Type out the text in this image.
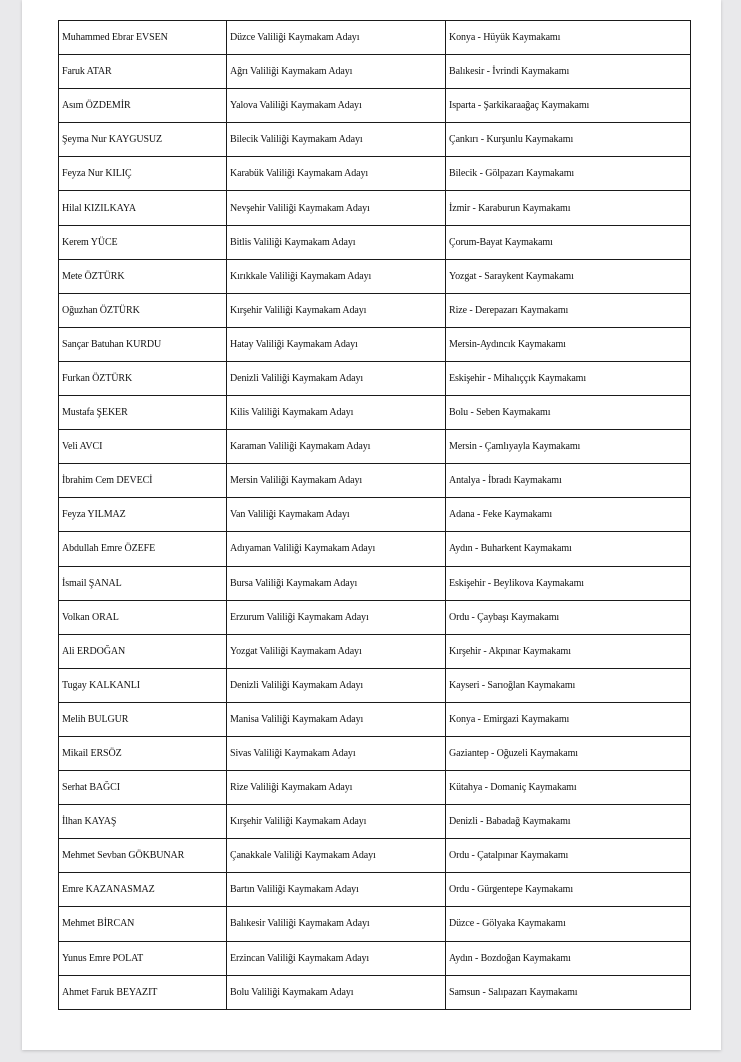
Muhammed Ebrar EVSEN	Düzce Valiliği Kaymakam Adayı	Konya - Hüyük Kaymakamı
Faruk ATAR	Ağrı Valiliği Kaymakam Adayı	Balıkesir - İvrindi Kaymakamı
Asım ÖZDEMİR	Yalova Valiliği Kaymakam Adayı	Isparta - Şarkikaraağaç Kaymakamı
Şeyma Nur KAYGUSUZ	Bilecik Valiliği Kaymakam Adayı	Çankırı - Kurşunlu Kaymakamı
Feyza Nur KILIÇ	Karabük Valiliği Kaymakam Adayı	Bilecik - Gölpazarı Kaymakamı
Hilal KIZILKAYA	Nevşehir Valiliği Kaymakam Adayı	İzmir - Karaburun Kaymakamı
Kerem YÜCE	Bitlis Valiliği Kaymakam Adayı	Çorum-Bayat Kaymakamı
Mete ÖZTÜRK	Kırıkkale Valiliği Kaymakam Adayı	Yozgat - Saraykent Kaymakamı
Oğuzhan ÖZTÜRK	Kırşehir Valiliği Kaymakam Adayı	Rize - Derepazarı Kaymakamı
Sançar Batuhan KURDU	Hatay Valiliği Kaymakam Adayı	Mersin-Aydıncık Kaymakamı
Furkan ÖZTÜRK	Denizli Valiliği Kaymakam Adayı	Eskişehir - Mihalıççık Kaymakamı
Mustafa ŞEKER	Kilis Valiliği Kaymakam Adayı	Bolu - Seben Kaymakamı
Veli AVCI	Karaman Valiliği Kaymakam Adayı	Mersin - Çamlıyayla Kaymakamı
İbrahim Cem DEVECİ	Mersin Valiliği Kaymakam Adayı	Antalya - İbradı Kaymakamı
Feyza YILMAZ	Van Valiliği Kaymakam Adayı	Adana - Feke Kaymakamı
Abdullah Emre ÖZEFE	Adıyaman Valiliği Kaymakam Adayı	Aydın - Buharkent Kaymakamı
İsmail ŞANAL	Bursa Valiliği Kaymakam Adayı	Eskişehir - Beylikova Kaymakamı
Volkan ORAL	Erzurum Valiliği Kaymakam Adayı	Ordu - Çaybaşı Kaymakamı
Ali ERDOĞAN	Yozgat Valiliği Kaymakam Adayı	Kırşehir - Akpınar Kaymakamı
Tugay KALKANLI	Denizli Valiliği Kaymakam Adayı	Kayseri - Sarıoğlan Kaymakamı
Melih BULGUR	Manisa Valiliği Kaymakam Adayı	Konya - Emirgazi Kaymakamı
Mikail ERSÖZ	Sivas Valiliği Kaymakam Adayı	Gaziantep - Oğuzeli Kaymakamı
Serhat BAĞCI	Rize Valiliği Kaymakam Adayı	Kütahya - Domaniç Kaymakamı
İlhan KAYAŞ	Kırşehir Valiliği Kaymakam Adayı	Denizli - Babadağ Kaymakamı
Mehmet Sevban GÖKBUNAR	Çanakkale Valiliği Kaymakam Adayı	Ordu - Çatalpınar Kaymakamı
Emre KAZANASMAZ	Bartın Valiliği Kaymakam Adayı	Ordu - Gürgentepe Kaymakamı
Mehmet BİRCAN	Balıkesir Valiliği Kaymakam Adayı	Düzce - Gölyaka Kaymakamı
Yunus Emre POLAT	Erzincan Valiliği Kaymakam Adayı	Aydın - Bozdoğan Kaymakamı
Ahmet Faruk BEYAZIT	Bolu Valiliği Kaymakam Adayı	Samsun - Salıpazarı Kaymakamı
